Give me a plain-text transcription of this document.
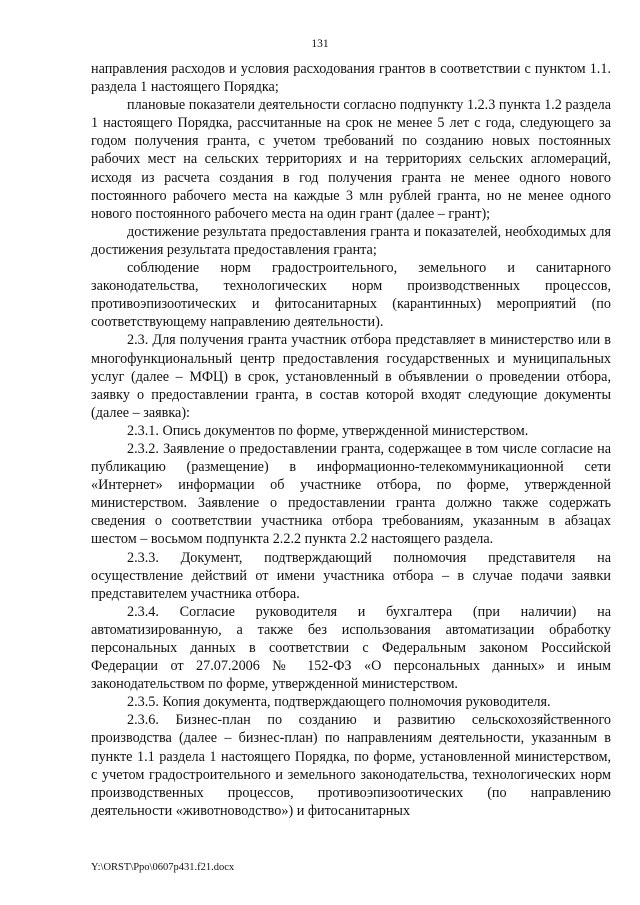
131

направления расходов и условия расходования грантов в соответствии с пунктом 1.1. раздела 1 настоящего Порядка;

плановые показатели деятельности согласно подпункту 1.2.3 пункта 1.2 раздела 1 настоящего Порядка, рассчитанные на срок не менее 5 лет с года, следующего за годом получения гранта, с учетом требований по созданию новых постоянных рабочих мест на сельских территориях и на территориях сельских агломераций, исходя из расчета создания в год получения гранта не менее одного нового постоянного рабочего места на каждые 3 млн рублей гранта, но не менее одного нового постоянного рабочего места на один грант (далее – грант);

достижение результата предоставления гранта и показателей, необходимых для достижения результата предоставления гранта;

соблюдение норм градостроительного, земельного и санитарного законодательства, технологических норм производственных процессов, противоэпизоотических и фитосанитарных (карантинных) мероприятий (по соответствующему направлению деятельности).

2.3. Для получения гранта участник отбора представляет в министерство или в многофункциональный центр предоставления государственных и муниципальных услуг (далее – МФЦ) в срок, установленный в объявлении о проведении отбора, заявку о предоставлении гранта, в состав которой входят следующие документы (далее – заявка):

2.3.1. Опись документов по форме, утвержденной министерством.

2.3.2. Заявление о предоставлении гранта, содержащее в том числе согласие на публикацию (размещение) в информационно-телекоммуникационной сети «Интернет» информации об участнике отбора, по форме, утвержденной министерством. Заявление о предоставлении гранта должно также содержать сведения о соответствии участника отбора требованиям, указанным в абзацах шестом – восьмом подпункта 2.2.2 пункта 2.2 настоящего раздела.

2.3.3. Документ, подтверждающий полномочия представителя на осуществление действий от имени участника отбора – в случае подачи заявки представителем участника отбора.

2.3.4. Согласие руководителя и бухгалтера (при наличии) на автоматизированную, а также без использования автоматизации обработку персональных данных в соответствии с Федеральным законом Российской Федерации от 27.07.2006 № 152-ФЗ «О персональных данных» и иным законодательством по форме, утвержденной министерством.

2.3.5. Копия документа, подтверждающего полномочия руководителя.

2.3.6. Бизнес-план по созданию и развитию сельскохозяйственного производства (далее – бизнес-план) по направлениям деятельности, указанным в пункте 1.1 раздела 1 настоящего Порядка, по форме, установленной министерством, с учетом градостроительного и земельного законодательства, технологических норм производственных процессов, противоэпизоотических (по направлению деятельности «животноводство») и фитосанитарных

Y:\ORST\Ppo\0607p431.f21.docx
